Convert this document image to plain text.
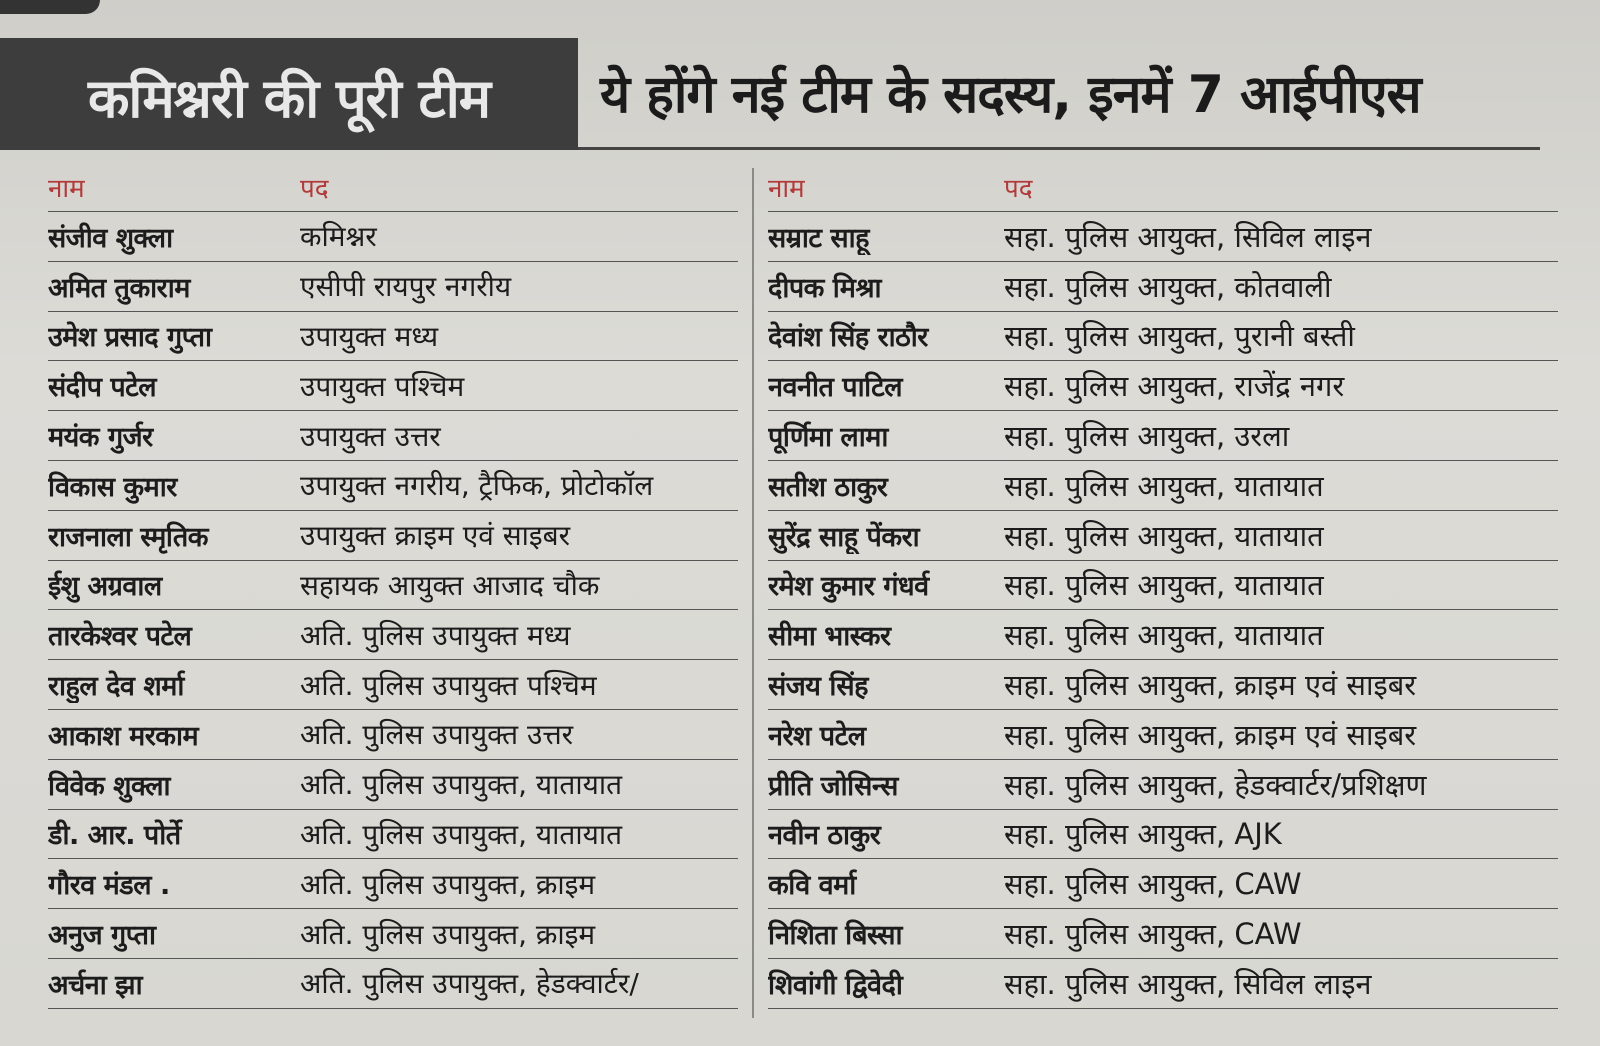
कमिश्नरी की पूरी टीम	ये होंगे नई टीम के सदस्य, इनमें 7 आईपीएस
नाम	पद
संजीव शुक्ला	कमिश्नर
अमित तुकाराम	एसीपी रायपुर नगरीय
उमेश प्रसाद गुप्ता	उपायुक्त मध्य
संदीप पटेल	उपायुक्त पश्चिम
मयंक गुर्जर	उपायुक्त उत्तर
विकास कुमार	उपायुक्त नगरीय, ट्रैफिक, प्रोटोकॉल
राजनाला स्मृतिक	उपायुक्त क्राइम एवं साइबर
ईशु अग्रवाल	सहायक आयुक्त आजाद चौक
तारकेश्वर पटेल	अति. पुलिस उपायुक्त मध्य
राहुल देव शर्मा	अति. पुलिस उपायुक्त पश्चिम
आकाश मरकाम	अति. पुलिस उपायुक्त उत्तर
विवेक शुक्ला	अति. पुलिस उपायुक्त, यातायात
डी. आर. पोर्ते	अति. पुलिस उपायुक्त, यातायात
गौरव मंडल .	अति. पुलिस उपायुक्त, क्राइम
अनुज गुप्ता	अति. पुलिस उपायुक्त, क्राइम
अर्चना झा	अति. पुलिस उपायुक्त, हेडक्वार्टर/
नाम	पद
सम्राट साहू	सहा. पुलिस आयुक्त, सिविल लाइन
दीपक मिश्रा	सहा. पुलिस आयुक्त, कोतवाली
देवांश सिंह राठौर	सहा. पुलिस आयुक्त, पुरानी बस्ती
नवनीत पाटिल	सहा. पुलिस आयुक्त, राजेंद्र नगर
पूर्णिमा लामा	सहा. पुलिस आयुक्त, उरला
सतीश ठाकुर	सहा. पुलिस आयुक्त, यातायात
सुरेंद्र साहू पेंकरा	सहा. पुलिस आयुक्त, यातायात
रमेश कुमार गंधर्व	सहा. पुलिस आयुक्त, यातायात
सीमा भास्कर	सहा. पुलिस आयुक्त, यातायात
संजय सिंह	सहा. पुलिस आयुक्त, क्राइम एवं साइबर
नरेश पटेल	सहा. पुलिस आयुक्त, क्राइम एवं साइबर
प्रीति जोसिन्स	सहा. पुलिस आयुक्त, हेडक्वार्टर/प्रशिक्षण
नवीन ठाकुर	सहा. पुलिस आयुक्त, AJK
कवि वर्मा	सहा. पुलिस आयुक्त, CAW
निशिता बिस्सा	सहा. पुलिस आयुक्त, CAW
शिवांगी द्विवेदी	सहा. पुलिस आयुक्त, सिविल लाइन
